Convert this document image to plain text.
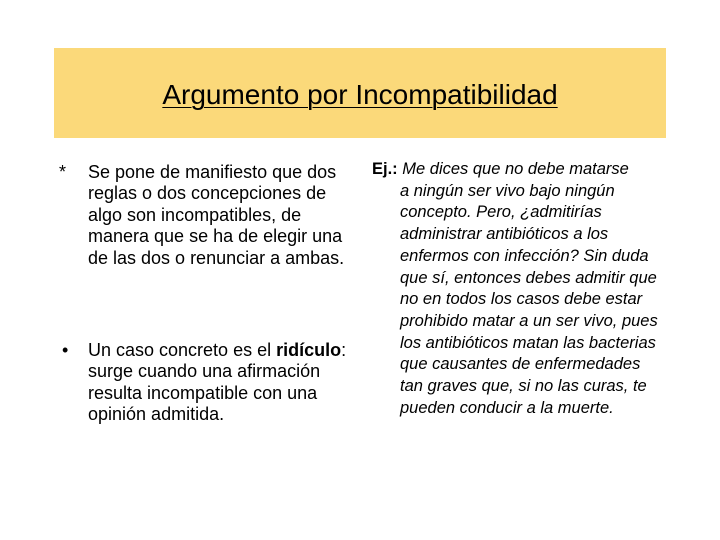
Argumento por Incompatibilidad
* Se pone de manifiesto que dos reglas o dos concepciones de algo son incompatibles, de manera que se ha de elegir una de las dos o renunciar a ambas.
• Un caso concreto es el ridículo: surge cuando una afirmación resulta incompatible con una opinión admitida.
Ej.: Me dices que no debe matarse
a ningún ser vivo bajo ningún concepto. Pero, ¿admitirías administrar antibióticos a los enfermos con infección? Sin duda que sí, entonces debes admitir que no en todos los casos debe estar prohibido matar a un ser vivo, pues los antibióticos matan las bacterias que causantes de enfermedades tan graves que, si no las curas, te pueden conducir a la muerte.
